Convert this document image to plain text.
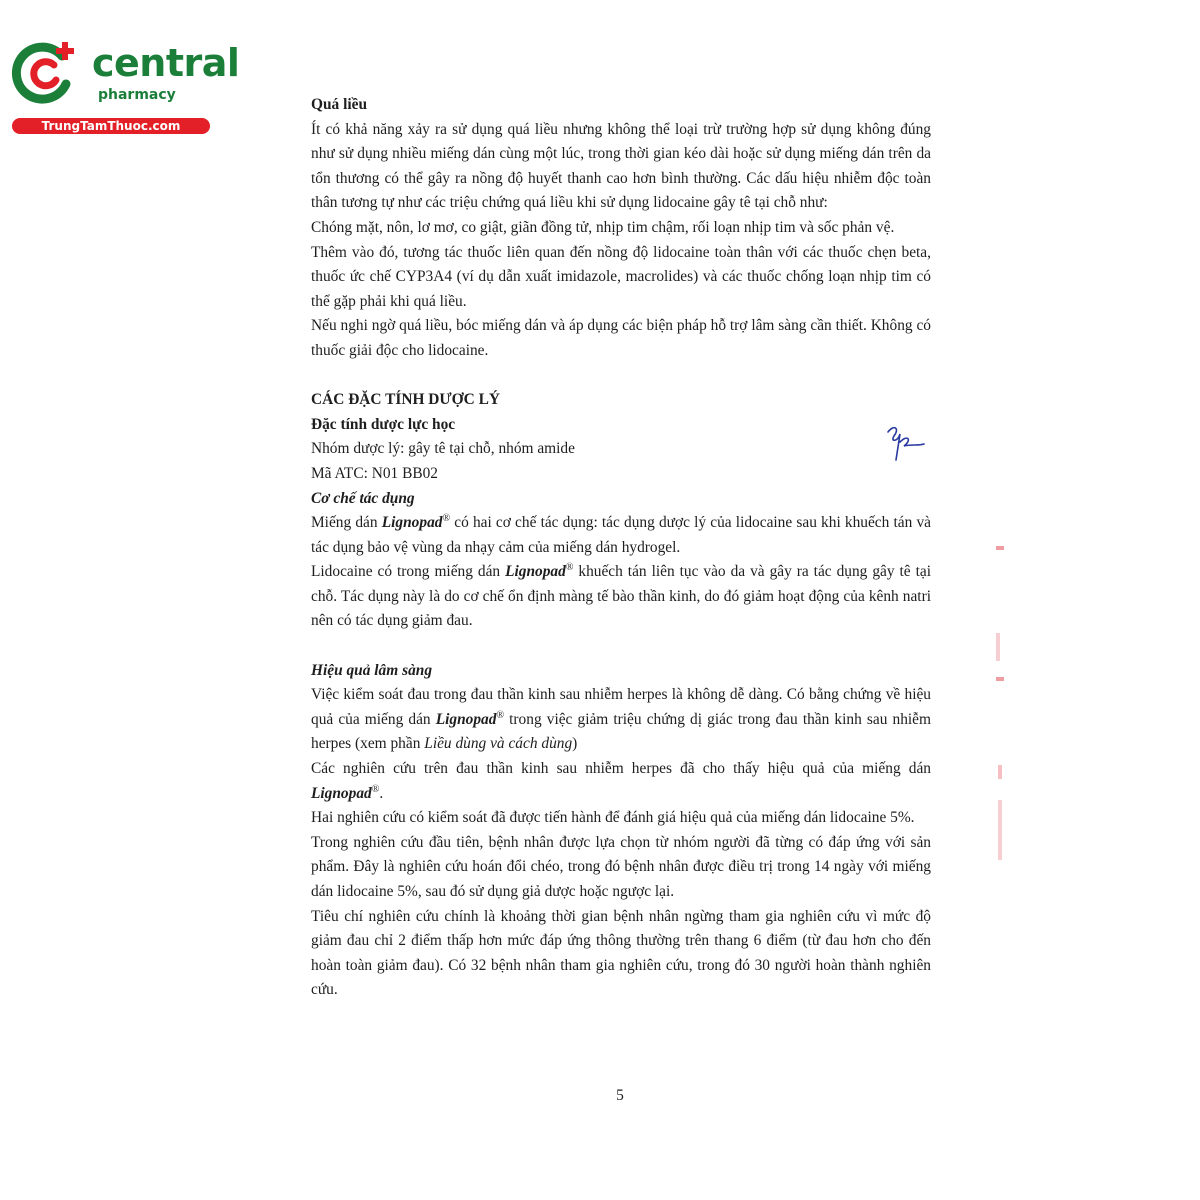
central
pharmacy
TrungTamThuoc.com

Quá liều

Ít có khả năng xảy ra sử dụng quá liều nhưng không thể loại trừ trường hợp sử dụng không đúng như sử dụng nhiều miếng dán cùng một lúc, trong thời gian kéo dài hoặc sử dụng miếng dán trên da tổn thương có thể gây ra nồng độ huyết thanh cao hơn bình thường. Các dấu hiệu nhiễm độc toàn thân tương tự như các triệu chứng quá liều khi sử dụng lidocaine gây tê tại chỗ như:

Chóng mặt, nôn, lơ mơ, co giật, giãn đồng tử, nhịp tim chậm, rối loạn nhịp tim và sốc phản vệ.

Thêm vào đó, tương tác thuốc liên quan đến nồng độ lidocaine toàn thân với các thuốc chẹn beta, thuốc ức chế CYP3A4 (ví dụ dẫn xuất imidazole, macrolides) và các thuốc chống loạn nhịp tim có thể gặp phải khi quá liều.

Nếu nghi ngờ quá liều, bóc miếng dán và áp dụng các biện pháp hỗ trợ lâm sàng cần thiết. Không có thuốc giải độc cho lidocaine.

CÁC ĐẶC TÍNH DƯỢC LÝ

Đặc tính dược lực học

Nhóm dược lý: gây tê tại chỗ, nhóm amide

Mã ATC: N01 BB02

Cơ chế tác dụng

Miếng dán Lignopad® có hai cơ chế tác dụng: tác dụng dược lý của lidocaine sau khi khuếch tán và tác dụng bảo vệ vùng da nhạy cảm của miếng dán hydrogel.

Lidocaine có trong miếng dán Lignopad® khuếch tán liên tục vào da và gây ra tác dụng gây tê tại chỗ. Tác dụng này là do cơ chế ổn định màng tế bào thần kinh, do đó giảm hoạt động của kênh natri nên có tác dụng giảm đau.

Hiệu quả lâm sàng

Việc kiểm soát đau trong đau thần kinh sau nhiễm herpes là không dễ dàng. Có bằng chứng về hiệu quả của miếng dán Lignopad® trong việc giảm triệu chứng dị giác trong đau thần kinh sau nhiễm herpes (xem phần Liều dùng và cách dùng)

Các nghiên cứu trên đau thần kinh sau nhiễm herpes đã cho thấy hiệu quả của miếng dán Lignopad®.

Hai nghiên cứu có kiểm soát đã được tiến hành để đánh giá hiệu quả của miếng dán lidocaine 5%.

Trong nghiên cứu đầu tiên, bệnh nhân được lựa chọn từ nhóm người đã từng có đáp ứng với sản phẩm. Đây là nghiên cứu hoán đổi chéo, trong đó bệnh nhân được điều trị trong 14 ngày với miếng dán lidocaine 5%, sau đó sử dụng giả dược hoặc ngược lại.

Tiêu chí nghiên cứu chính là khoảng thời gian bệnh nhân ngừng tham gia nghiên cứu vì mức độ giảm đau chỉ 2 điểm thấp hơn mức đáp ứng thông thường trên thang 6 điểm (từ đau hơn cho đến hoàn toàn giảm đau). Có 32 bệnh nhân tham gia nghiên cứu, trong đó 30 người hoàn thành nghiên cứu.

5
